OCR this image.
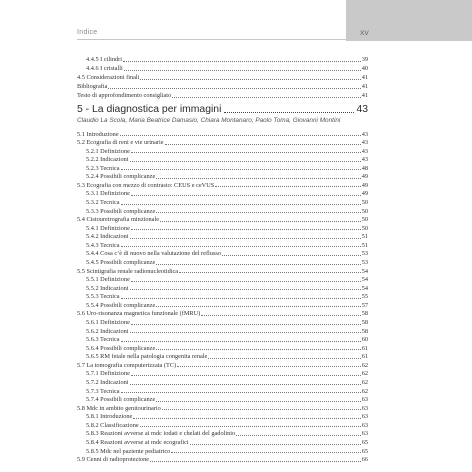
Indice	XV
5 - La diagnostica per immagini	43
Claudio La Scola, Maria Beatrice Damasio, Chiara Montanaro, Paolo Toma, Giovanni Montini
4.4.5 I cilindri	39
4.4.6 I cristalli	40
4.5 Considerazioni finali	41
Bibliografia	41
Testo di approfondimento consigliato	41
5.1 Introduzione	43
5.2 Ecografia di reni e vie urinarie	43
5.2.1 Definizione	43
5.2.2 Indicazioni	43
5.2.3 Tecnica	48
5.2.4 Possibili complicanze	49
5.3 Ecografia con mezzo di contrasto: CEUS e ceVUS	49
5.3.1 Definizione	49
5.3.2 Tecnica	50
5.3.3 Possibili complicanze	50
5.4 Cistouretrografia minzionale	50
5.4.1 Definizione	50
5.4.2 Indicazioni	51
5.4.3 Tecnica	51
5.4.4 Cosa c’è di nuovo nella valutazione del reflusso	53
5.4.5 Possibili complicanze	53
5.5 Scintigrafia renale radionucleotidica	54
5.5.1 Definizione	54
5.5.2 Indicazioni	54
5.5.3 Tecnica	55
5.5.4 Possibili complicanze	57
5.6 Uro-risonanza magnetica funzionale (fMRU)	58
5.6.1 Definizione	58
5.6.2 Indicazioni	58
5.6.3 Tecnica	60
5.6.4 Possibili complicanze	61
5.6.5 RM fetale nella patologia congenita renale	61
5.7 La tomografia computerizzata (TC)	62
5.7.1 Definizione	62
5.7.2 Indicazioni	62
5.7.3 Tecnica	62
5.7.4 Possibili complicanze	63
5.8 Mdc in ambito genitourinario	63
5.8.1 Introduzione	63
5.8.2 Classificazione	63
5.8.3 Reazioni avverse ai mdc iodati e chelati del gadolinio	63
5.8.4 Reazioni avverse ai mdc ecografici	65
5.8.5 Mdc nel paziente pediatrico	65
5.9 Cenni di radioprotezione	66
